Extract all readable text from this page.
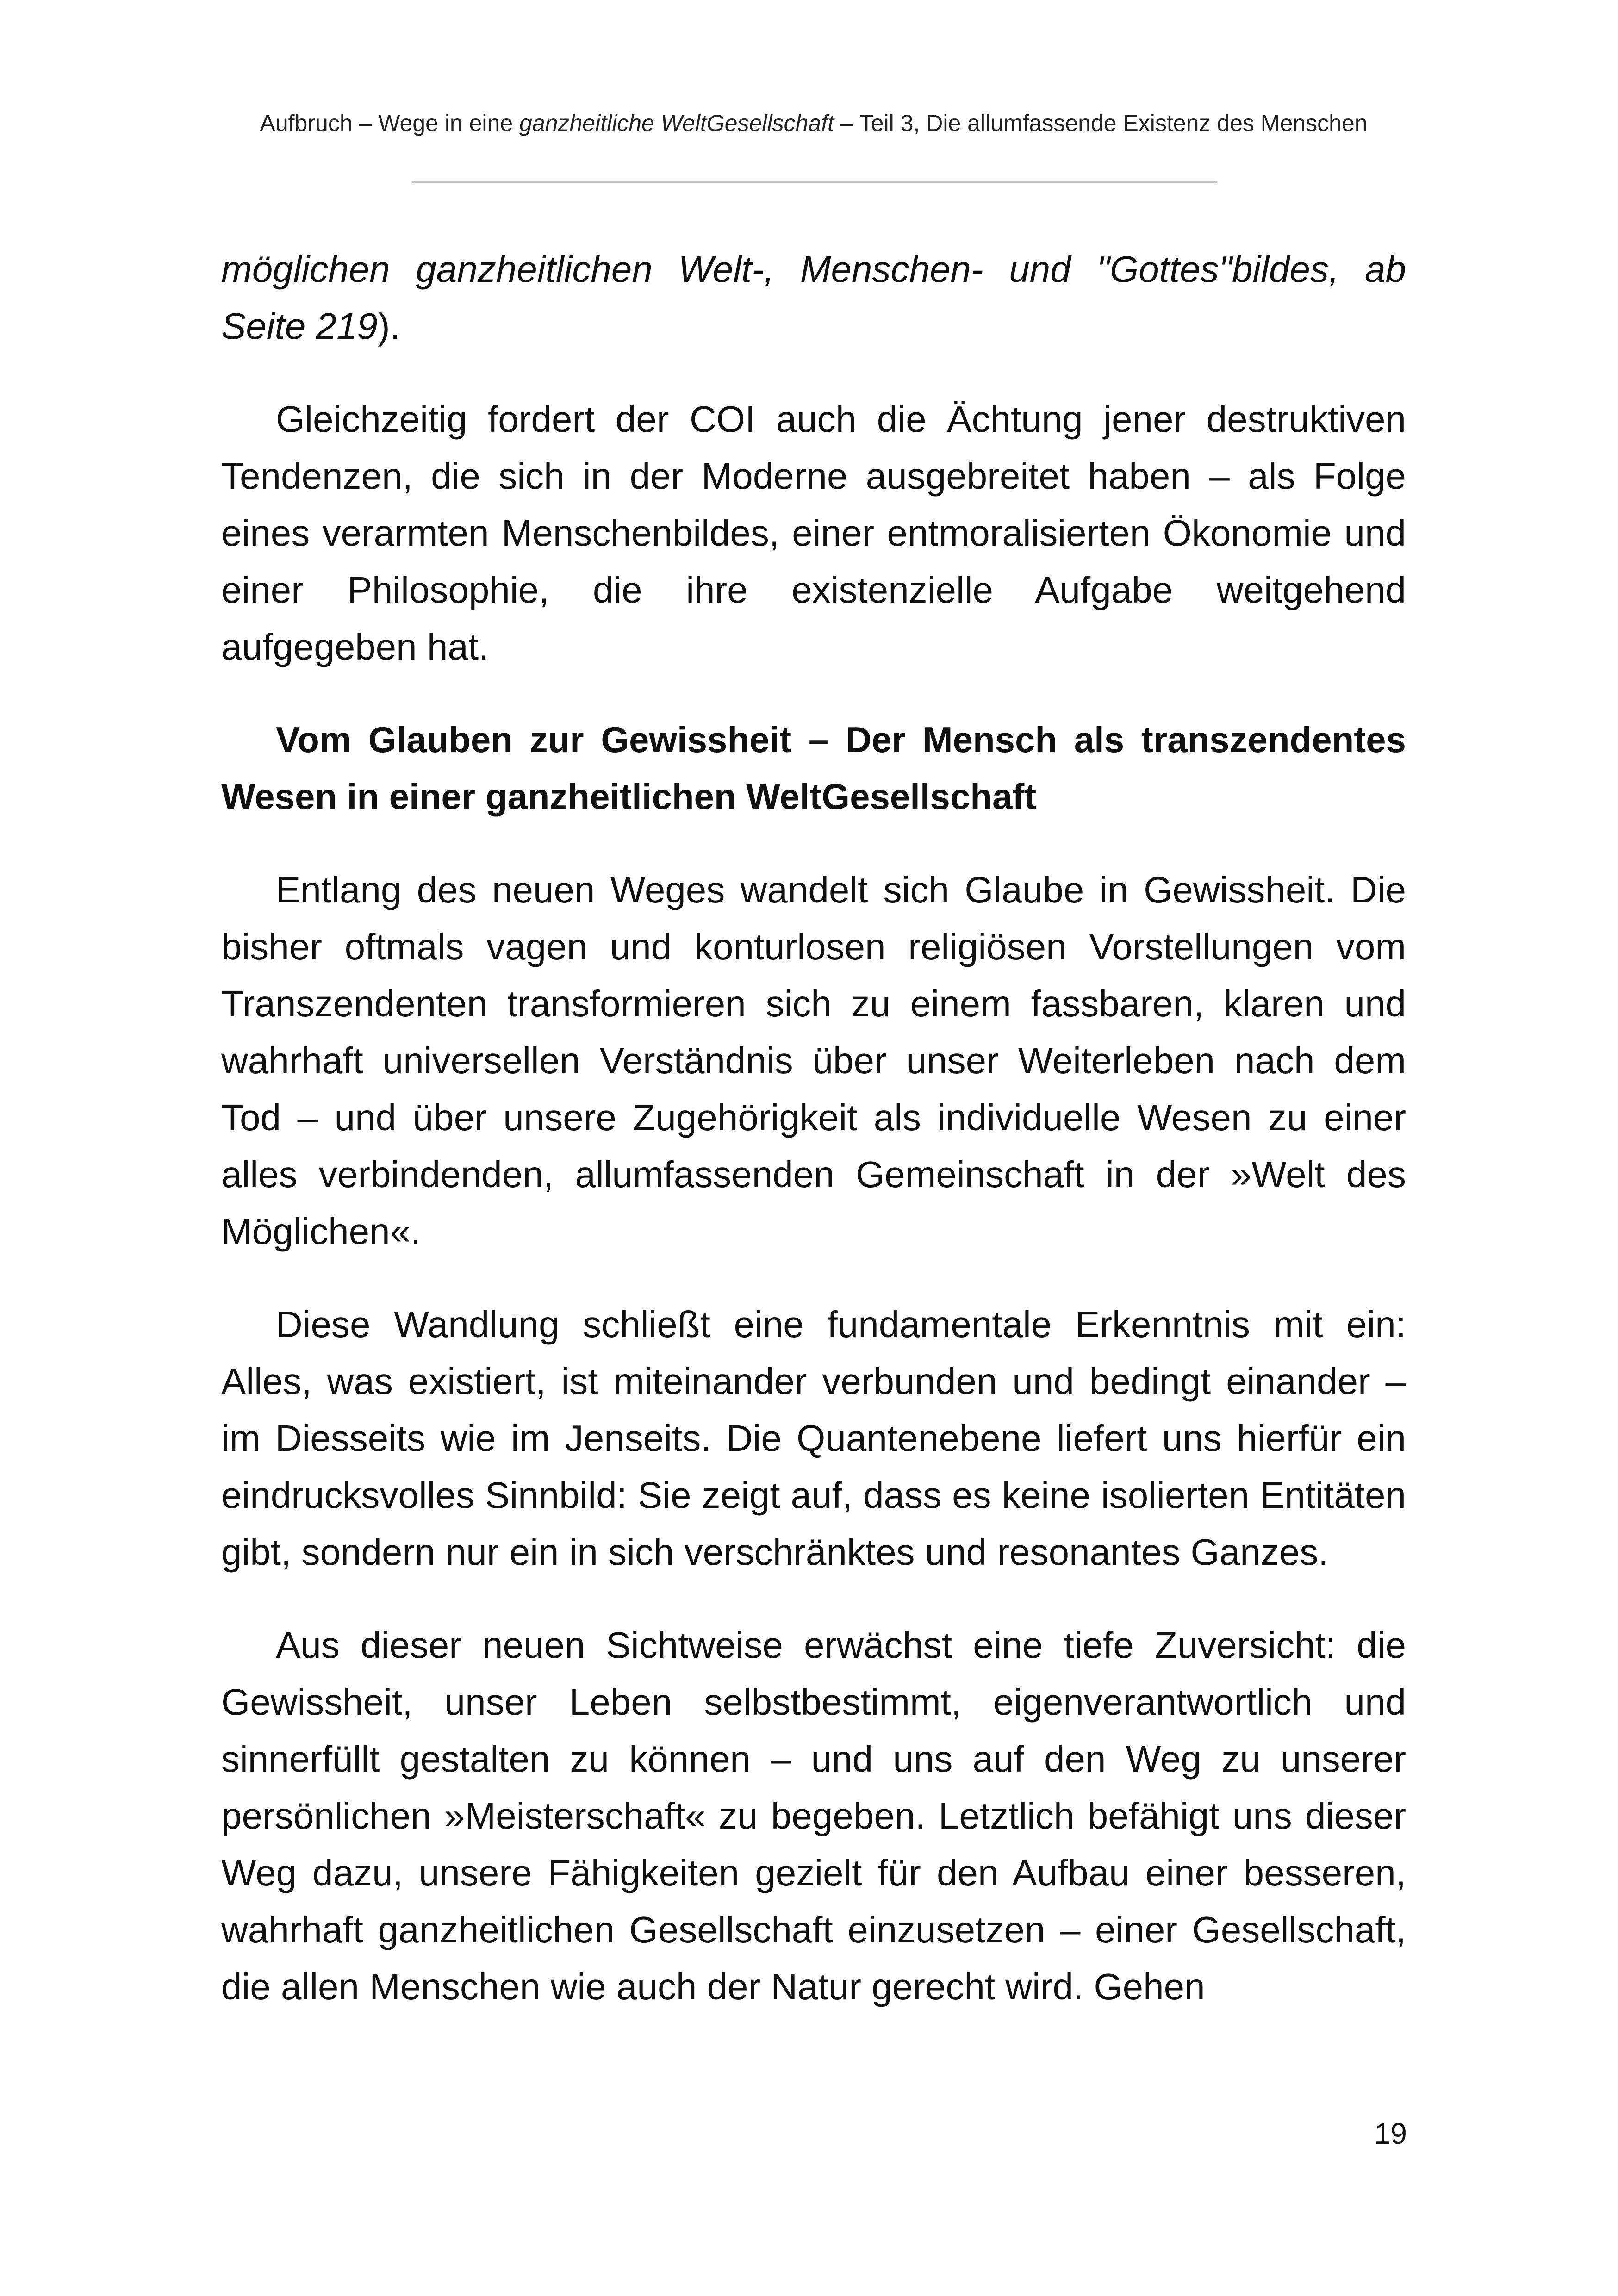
Aufbruch – Wege in eine ganzheitliche WeltGesellschaft – Teil 3, Die allumfassende Existenz des Menschen

möglichen ganzheitlichen Welt-, Menschen- und "Gottes"bildes, ab Seite 219).

Gleichzeitig fordert der COI auch die Ächtung jener destruktiven Tendenzen, die sich in der Moderne ausgebreitet haben – als Folge eines verarmten Menschenbildes, einer entmoralisierten Ökonomie und einer Philosophie, die ihre existenzielle Aufgabe weitgehend aufgegeben hat.

Vom Glauben zur Gewissheit – Der Mensch als transzendentes Wesen in einer ganzheitlichen WeltGesellschaft

Entlang des neuen Weges wandelt sich Glaube in Gewissheit. Die bisher oftmals vagen und konturlosen religiösen Vorstellungen vom Transzendenten transformieren sich zu einem fassbaren, klaren und wahrhaft universellen Verständnis über unser Weiterleben nach dem Tod – und über unsere Zugehörigkeit als individuelle Wesen zu einer alles verbindenden, allumfassenden Gemeinschaft in der »Welt des Möglichen«.

Diese Wandlung schließt eine fundamentale Erkenntnis mit ein: Alles, was existiert, ist miteinander verbunden und bedingt einander – im Diesseits wie im Jenseits. Die Quantenebene liefert uns hierfür ein eindrucksvolles Sinnbild: Sie zeigt auf, dass es keine isolierten Entitäten gibt, sondern nur ein in sich verschränktes und resonantes Ganzes.

Aus dieser neuen Sichtweise erwächst eine tiefe Zuversicht: die Gewissheit, unser Leben selbstbestimmt, eigenverantwortlich und sinnerfüllt gestalten zu können – und uns auf den Weg zu unserer persönlichen »Meisterschaft« zu begeben. Letztlich befähigt uns dieser Weg dazu, unsere Fähigkeiten gezielt für den Aufbau einer besseren, wahrhaft ganzheitlichen Gesellschaft einzusetzen – einer Gesellschaft, die allen Menschen wie auch der Natur gerecht wird. Gehen

19
